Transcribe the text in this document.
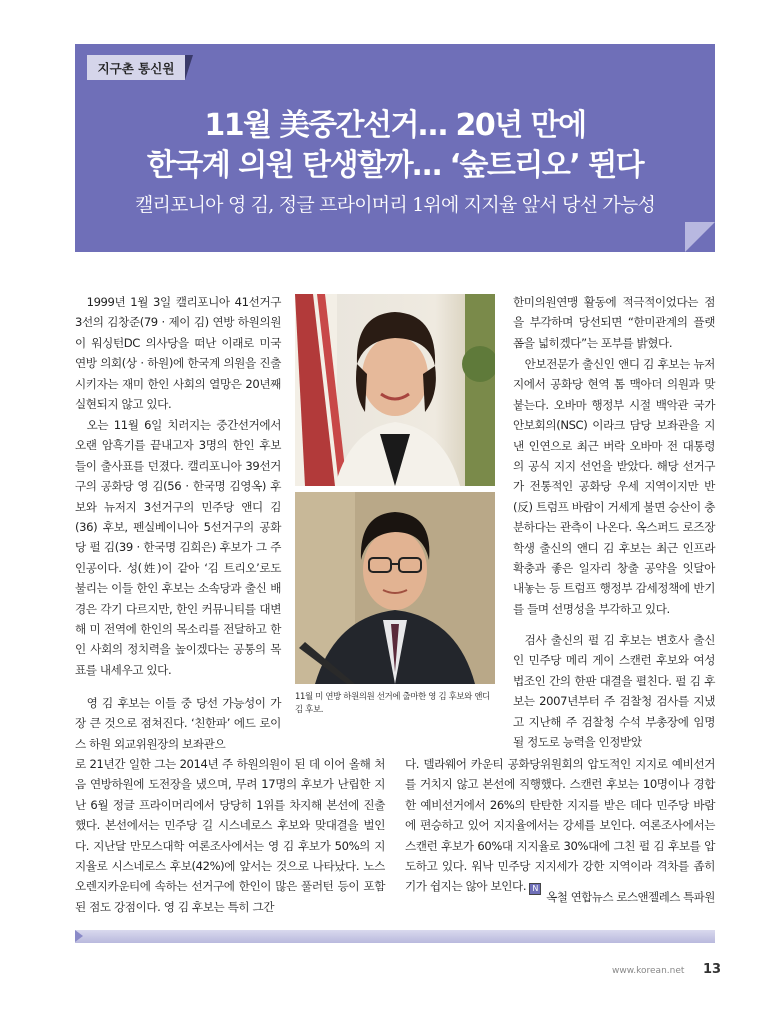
지구촌 통신원
11월 美중간선거… 20년 만에
한국계 의원 탄생할까… ‘숲트리오’ 뛴다
캘리포니아 영 김, 정글 프라이머리 1위에 지지율 앞서 당선 가능성

1999년 1월 3일 캘리포니아 41선거구 3선의 김창준(79 · 제이 김) 연방 하원의원이 워싱턴DC 의사당을 떠난 이래로 미국 연방 의회(상 · 하원)에 한국계 의원을 진출시키자는 재미 한인 사회의 열망은 20년째 실현되지 않고 있다.

오는 11월 6일 치러지는 중간선거에서 오랜 암흑기를 끝내고자 3명의 한인 후보들이 출사표를 던졌다. 캘리포니아 39선거구의 공화당 영 김(56 · 한국명 김영옥) 후보와 뉴저지 3선거구의 민주당 앤디 김(36) 후보, 펜실베이니아 5선거구의 공화당 펄 김(39 · 한국명 김희은) 후보가 그 주인공이다. 성(姓)이 같아 ‘김 트리오’로도 불리는 이들 한인 후보는 소속당과 출신 배경은 각기 다르지만, 한인 커뮤니티를 대변해 미 전역에 한인의 목소리를 전달하고 한인 사회의 정치력을 높이겠다는 공통의 목표를 내세우고 있다.

영 김 후보는 이들 중 당선 가능성이 가장 큰 것으로 점쳐진다. ‘친한파’ 에드 로이스 하원 외교위원장의 보좌관으

로 21년간 일한 그는 2014년 주 하원의원이 된 데 이어 올해 처음 연방하원에 도전장을 냈으며, 무려 17명의 후보가 난립한 지난 6월 정글 프라이머리에서 당당히 1위를 차지해 본선에 진출했다. 본선에서는 민주당 길 시스네로스 후보와 맞대결을 벌인다. 지난달 만모스대학 여론조사에서는 영 김 후보가 50%의 지지율로 시스네로스 후보(42%)에 앞서는 것으로 나타났다. 노스오렌지카운티에 속하는 선거구에 한인이 많은 풀러턴 등이 포함된 점도 강점이다. 영 김 후보는 특히 그간

11월 미 연방 하원의원 선거에 출마한 영 김 후보와 앤디 김 후보.

한미의원연맹 활동에 적극적이었다는 점을 부각하며 당선되면 “한미관계의 플랫폼을 넓히겠다”는 포부를 밝혔다.

안보전문가 출신인 앤디 김 후보는 뉴저지에서 공화당 현역 톰 맥아더 의원과 맞붙는다. 오바마 행정부 시절 백악관 국가안보회의(NSC) 이라크 담당 보좌관을 지낸 인연으로 최근 버락 오바마 전 대통령의 공식 지지 선언을 받았다. 해당 선거구가 전통적인 공화당 우세 지역이지만 반(反) 트럼프 바람이 거세게 불면 승산이 충분하다는 관측이 나온다. 옥스퍼드 로즈장학생 출신의 앤디 김 후보는 최근 인프라 확충과 좋은 일자리 창출 공약을 잇달아 내놓는 등 트럼프 행정부 감세정책에 반기를 들며 선명성을 부각하고 있다.

검사 출신의 펄 김 후보는 변호사 출신인 민주당 메리 게이 스캔런 후보와 여성 법조인 간의 한판 대결을 펼친다. 펄 김 후보는 2007년부터 주 검찰청 검사를 지냈고 지난해 주 검찰청 수석 부총장에 임명될 정도로 능력을 인정받았

다. 델라웨어 카운티 공화당위원회의 압도적인 지지로 예비선거를 거치지 않고 본선에 직행했다. 스캔런 후보는 10명이나 경합한 예비선거에서 26%의 탄탄한 지지를 받은 데다 민주당 바람에 편승하고 있어 지지율에서는 강세를 보인다. 여론조사에서는 스캔런 후보가 60%대 지지율로 30%대에 그친 펄 김 후보를 압도하고 있다. 워낙 민주당 지지세가 강한 지역이라 격차를 좁히기가 쉽지는 않아 보인다. N

옥철 연합뉴스 로스앤젤레스 특파원
www.korean.net 13
